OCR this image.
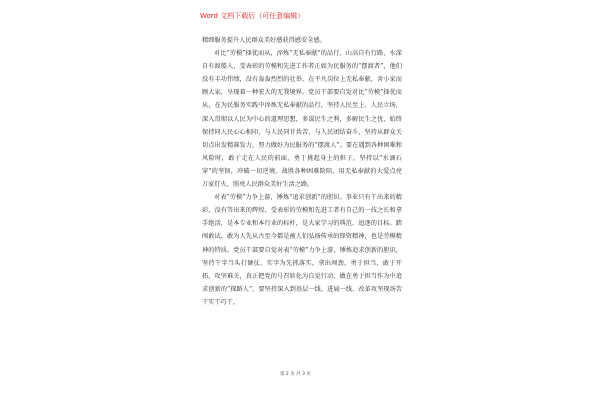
Word 文档下载后（可任意编辑）

精细服务提升人民群众美好感获得感安全感。

对比“劳模”择优而从，淬炼“无私奉献”的品行。山高自有行路，水深自有渡船人，受表彰的劳模和先进工作者正如为民服务的“摆渡者”，他们没有丰功伟绩，没有轰轰烈烈的壮举，在平凡岗位上无私奉献，舍小家而顾大家，呈现着一种宏大的无我境界。党员干部要自觉对比“劳模”择优而从，在为民服务实践中淬炼无私奉献的品行，坚持人民至上、人民立场，深入贯彻以人民为中心的道理思想，多谋民生之利，多解民生之忧，始终保持同人民心心相印，与人民同甘共苦，与人民团结奋斗，坚持从群众关切点出发精准发力，努力做好为民服务的“摆渡人”。要在遇到各种困难和风险时，敢于走在人民的前面，勇于挑起身上的担子，坚持以“水滴石穿”的坚韧，冲破一切逆境，战胜各种困难险阻，用无私奉献的大爱点亮万家灯火，照亮人民群众美好生活之路。

对表“劳模”力争上游，锤炼“追求创新”的胆识。事业只有干出来的精彩，没有等出来的辉煌。受表彰的劳模和先进工者有自己的一技之长和拿手绝活，是本专业和本行业的标杆，是大家学习的典范、追逐的目标。踏闯敢试、敢为人先从古至今都是被人们弘扬传承的锋资精神，也是劳模精神的特质。党员干部要自觉对表“劳模”力争上游，锤炼追求创新的胆识，坚持干字当头打硬仗、实字为先抓落实，拿出闯劲，勇于担当，敢于开拓，攻坚难关，真正把党的号召转化为自觉行动，做在勇于担当作为中追求创新的“探路人”。要坚持深入到基层一线、进展一线、改革攻坚现场苦干实干巧干，

第 2 页 共 3 页
